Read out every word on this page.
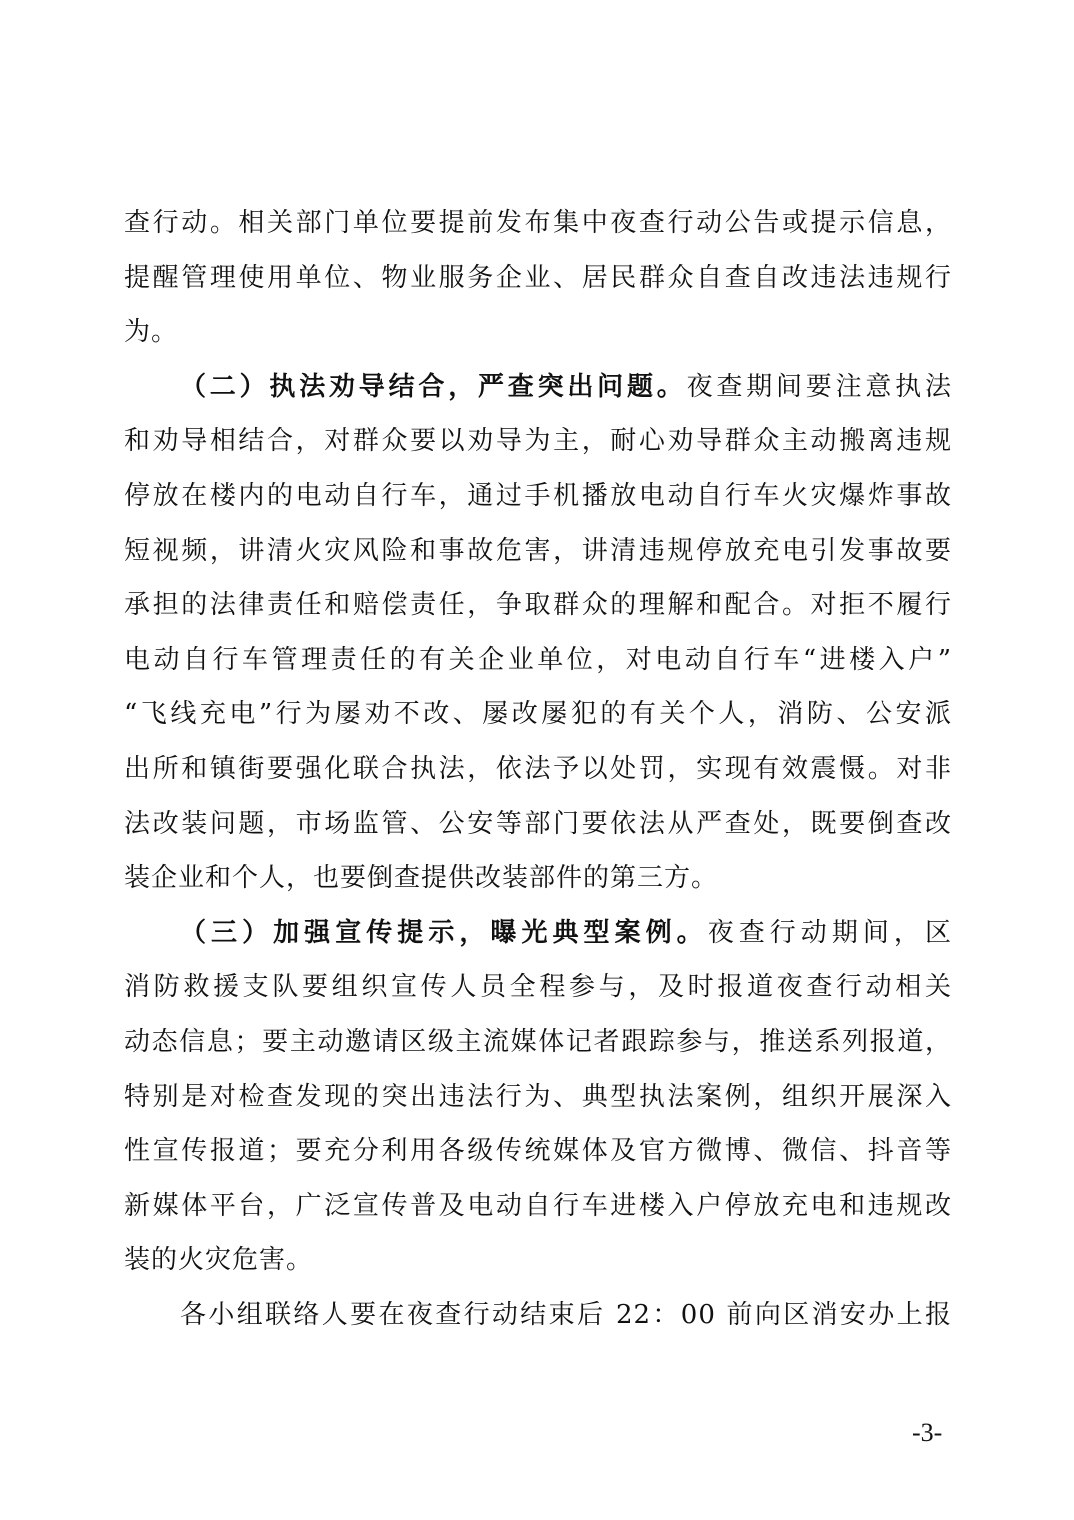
查行动。相关部门单位要提前发布集中夜查行动公告或提示信息，
提醒管理使用单位、物业服务企业、居民群众自查自改违法违规行
为。
（二）执法劝导结合，严查突出问题。夜查期间要注意执法
和劝导相结合，对群众要以劝导为主，耐心劝导群众主动搬离违规
停放在楼内的电动自行车，通过手机播放电动自行车火灾爆炸事故
短视频，讲清火灾风险和事故危害，讲清违规停放充电引发事故要
承担的法律责任和赔偿责任，争取群众的理解和配合。对拒不履行
电动自行车管理责任的有关企业单位，对电动自行车“进楼入户”
“飞线充电”行为屡劝不改、屡改屡犯的有关个人，消防、公安派
出所和镇街要强化联合执法，依法予以处罚，实现有效震慑。对非
法改装问题，市场监管、公安等部门要依法从严查处，既要倒查改
装企业和个人，也要倒查提供改装部件的第三方。
（三）加强宣传提示，曝光典型案例。夜查行动期间，区
消防救援支队要组织宣传人员全程参与，及时报道夜查行动相关
动态信息；要主动邀请区级主流媒体记者跟踪参与，推送系列报道，
特别是对检查发现的突出违法行为、典型执法案例，组织开展深入
性宣传报道；要充分利用各级传统媒体及官方微博、微信、抖音等
新媒体平台，广泛宣传普及电动自行车进楼入户停放充电和违规改
装的火灾危害。
各小组联络人要在夜查行动结束后 22：00 前向区消安办上报
-3-
